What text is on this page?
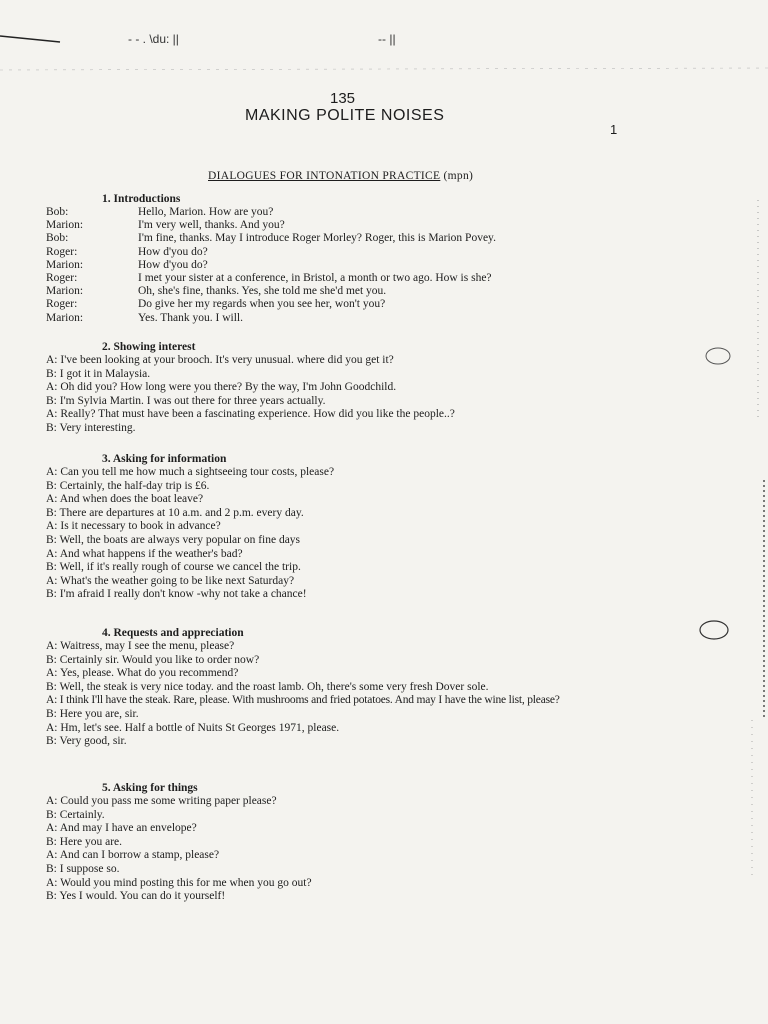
- - . \du: ||	-- ||
135
MAKING POLITE NOISES
1
DIALOGUES FOR INTONATION PRACTICE (mpn)
1. Introductions
Bob:	Hello, Marion. How are you?
Marion:	I'm very well, thanks. And you?
Bob:	I'm fine, thanks. May I introduce Roger Morley? Roger, this is Marion Povey.
Roger:	How d'you do?
Marion:	How d'you do?
Roger:	I met your sister at a conference, in Bristol, a month or two ago. How is she?
Marion:	Oh, she's fine, thanks. Yes, she told me she'd met you.
Roger:	Do give her my regards when you see her, won't you?
Marion:	Yes. Thank you. I will.
2. Showing interest
A: I've been looking at your brooch. It's very unusual. where did you get it?
B: I got it in Malaysia.
A: Oh did you? How long were you there? By the way, I'm John Goodchild.
B: I'm Sylvia Martin. I was out there for three years actually.
A: Really? That must have been a fascinating experience. How did you like the people..?
B: Very interesting.
3. Asking for information
A: Can you tell me how much a sightseeing tour costs, please?
B: Certainly, the half-day trip is £6.
A: And when does the boat leave?
B: There are departures at 10 a.m. and 2 p.m. every day.
A: Is it necessary to book in advance?
B: Well, the boats are always very popular on fine days
A: And what happens if the weather's bad?
B: Well, if it's really rough of course we cancel the trip.
A: What's the weather going to be like next Saturday?
B: I'm afraid I really don't know -why not take a chance!
4. Requests and appreciation
A: Waitress, may I see the menu, please?
B: Certainly sir. Would you like to order now?
A: Yes, please. What do you recommend?
B: Well, the steak is very nice today. and the roast lamb. Oh, there's some very fresh Dover sole.
A: I think I'll have the steak. Rare, please. With mushrooms and fried potatoes. And may I have the wine list, please?
B: Here you are, sir.
A: Hm, let's see. Half a bottle of Nuits St Georges 1971, please.
B: Very good, sir.
5. Asking for things
A: Could you pass me some writing paper please?
B: Certainly.
A: And may I have an envelope?
B: Here you are.
A: And can I borrow a stamp, please?
B: I suppose so.
A: Would you mind posting this for me when you go out?
B: Yes I would. You can do it yourself!
